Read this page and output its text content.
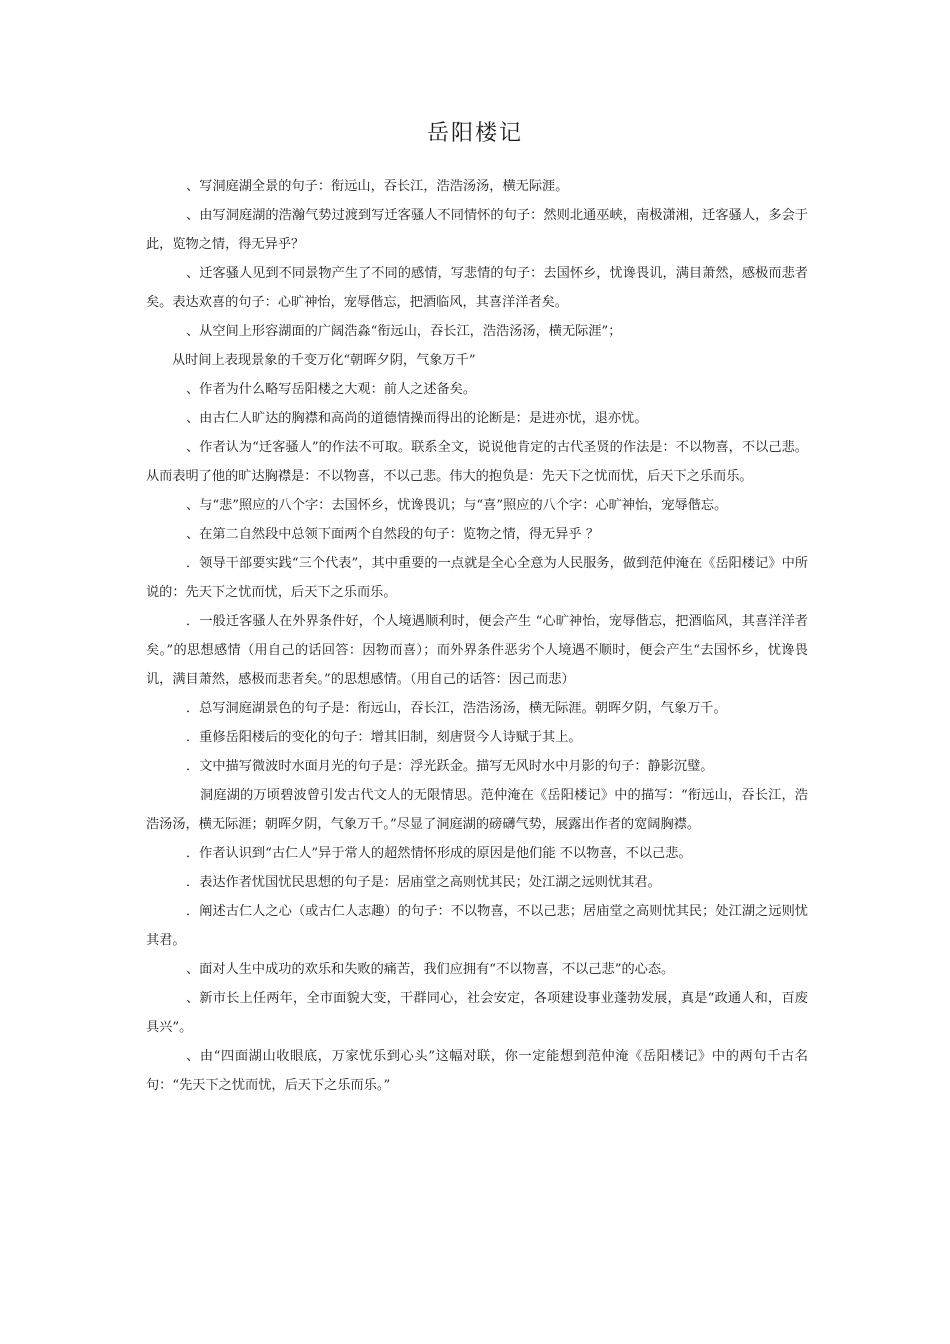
岳阳楼记

、写洞庭湖全景的句子：衔远山，吞长江，浩浩汤汤，横无际涯。

、由写洞庭湖的浩瀚气势过渡到写迁客骚人不同情怀的句子：然则北通巫峡，南极潇湘，迁客骚人，多会于此，览物之情，得无异乎？

、迁客骚人见到不同景物产生了不同的感情，写悲情的句子：去国怀乡，忧谗畏讥，满目萧然，感极而悲者矣。表达欢喜的句子：心旷神怡，宠辱偕忘，把酒临风，其喜洋洋者矣。

、从空间上形容湖面的广阔浩淼“衔远山，吞长江，浩浩汤汤，横无际涯”；

从时间上表现景象的千变万化“朝晖夕阴，气象万千”

、作者为什么略写岳阳楼之大观：前人之述备矣。

、由古仁人旷达的胸襟和高尚的道德情操而得出的论断是：是进亦忧，退亦忧。

、作者认为“迁客骚人”的作法不可取。联系全文，说说他肯定的古代圣贤的作法是：不以物喜，不以己悲。从而表明了他的旷达胸襟是：不以物喜，不以己悲。伟大的抱负是：先天下之忧而忧，后天下之乐而乐。

、与“悲”照应的八个字：去国怀乡，忧谗畏讥；与“喜”照应的八个字：心旷神怡，宠辱偕忘。

、在第二自然段中总领下面两个自然段的句子：览物之情，得无异乎 ？

．领导干部要实践“三个代表”，其中重要的一点就是全心全意为人民服务，做到范仲淹在《岳阳楼记》中所说的：先天下之忧而忧，后天下之乐而乐。

．一般迁客骚人在外界条件好，个人境遇顺利时，便会产生 “心旷神怡，宠辱偕忘，把酒临风，其喜洋洋者矣。”的思想感情（用自己的话回答：因物而喜）；而外界条件恶劣个人境遇不顺时，便会产生“去国怀乡，忧谗畏讥，满目萧然，感极而悲者矣。”的思想感情。（用自己的话答：因己而悲）

．总写洞庭湖景色的句子是：衔远山，吞长江，浩浩汤汤，横无际涯。朝晖夕阴，气象万千。

．重修岳阳楼后的变化的句子：增其旧制，刻唐贤今人诗赋于其上。

．文中描写微波时水面月光的句子是：浮光跃金。描写无风时水中月影的句子：静影沉璧。

洞庭湖的万顷碧波曾引发古代文人的无限情思。范仲淹在《岳阳楼记》中的描写：“衔远山，吞长江，浩浩汤汤，横无际涯；朝晖夕阴，气象万千。”尽显了洞庭湖的磅礴气势，展露出作者的宽阔胸襟。

．作者认识到“古仁人”异于常人的超然情怀形成的原因是他们能 不以物喜，不以己悲。

．表达作者忧国忧民思想的句子是：居庙堂之高则忧其民；处江湖之远则忧其君。

．阐述古仁人之心（或古仁人志趣）的句子：不以物喜，不以己悲；居庙堂之高则忧其民；处江湖之远则忧其君。

、面对人生中成功的欢乐和失败的痛苦，我们应拥有“不以物喜，不以己悲”的心态。

、新市长上任两年，全市面貌大变，干群同心，社会安定，各项建设事业蓬勃发展，真是“政通人和，百废具兴”。

、由“四面湖山收眼底，万家忧乐到心头”这幅对联，你一定能想到范仲淹《岳阳楼记》中的两句千古名句：“先天下之忧而忧，后天下之乐而乐。”
